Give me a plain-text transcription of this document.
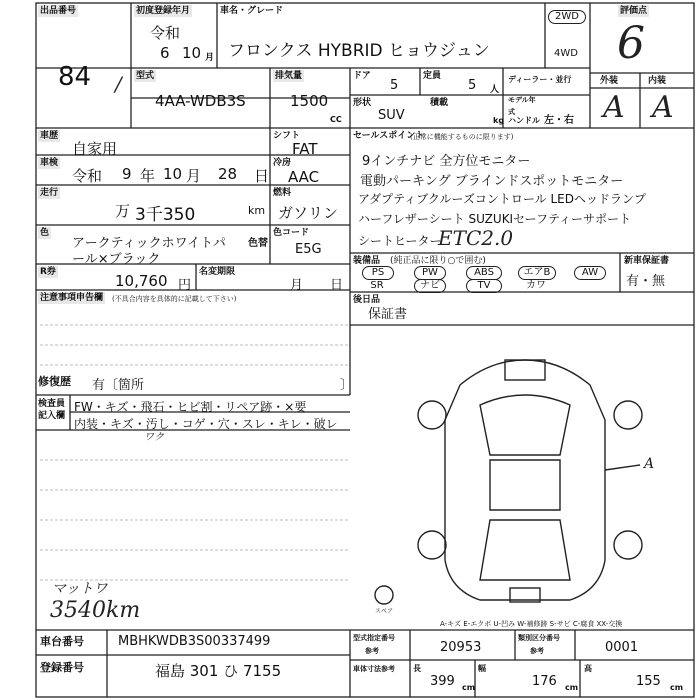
出品番号
84 /
初度登録年月
令和
6 10 月
車名・グレード
フロンクス HYBRID ヒョウジュン
2WD
4WD
評価点
6
外装	内装
A A
型式
4AA-WDB3S
排気量
1500
CC
ドア
5
定員
5 人
形状
SUV
積載
kg
ディーラー・並行
モデル年式
ハンドル 左・右
車歴
自家用
車検
令和 9 年 10 月 28 日
走行
万 3千350	km
色
アークティックホワイトパ
ール×ブラック
色替
R券	10,760 円
名変期限
月 日
注意事項申告欄 (不具合内容を具体的に記載して下さい)
修復歴 有〔箇所	〕
シフト
FAT
冷房
AAC
燃料
ガソリン
色コード
E5G
セールスポイント
(正常に機能するものに限ります)
9インチナビ 全方位モニター
電動パーキング ブラインドスポットモニター
アダプティブクルーズコントロール LEDヘッドランプ
ハーフレザーシート SUZUKIセーフティーサポート
シートヒーター
ETC2.0
装備品 (純正品に限り○で囲む)
PS	PW	ABS	エアB	AW
SR	ナビ	TV	カワ
新車保証書
有・無
後日品
保証書
検査員記入欄
FW・キズ・飛石・ヒビ割・リペア跡・×要
内装・キズ・汚し・コゲ・穴・スレ・キレ・破レ
ワク
マットワ
3540km
A
スペア
A-キズ E-エクボ U-凹み W-補修跡 S-サビ C-腐食 XX-交換
車台番号	MBHKWDB3S00337499
登録番号	福島 301 ひ 7155
型式指定番号
参考	20953
類別区分番号
参考	0001
車体寸法参考 長
399 cm
幅
176 cm
高
155 cm
